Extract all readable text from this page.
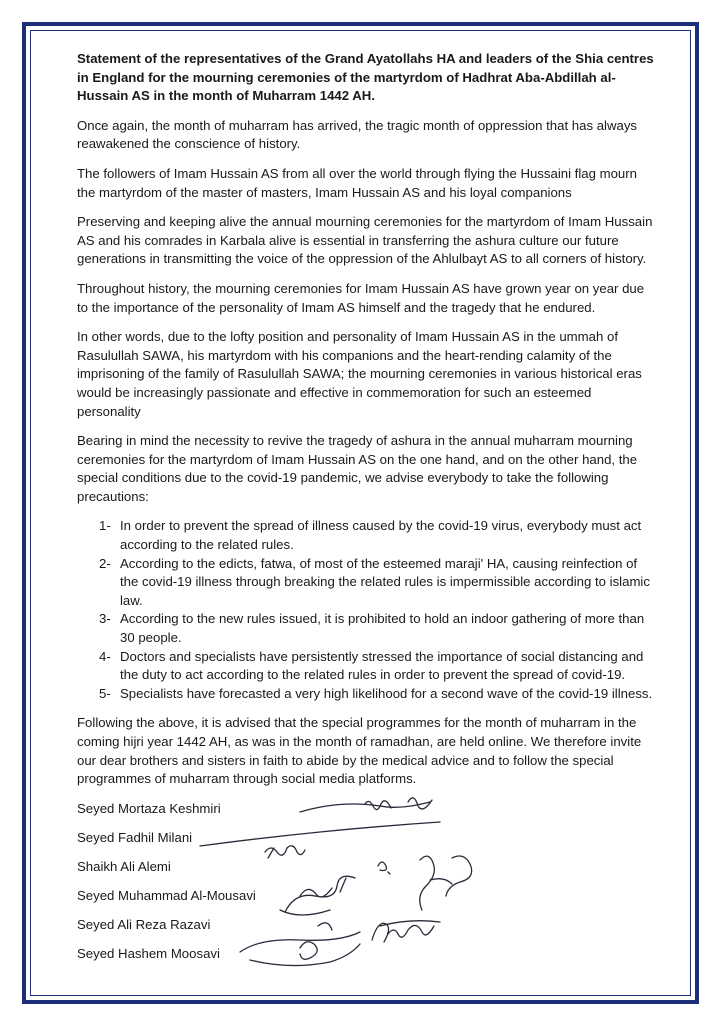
Statement of the representatives of the Grand Ayatollahs HA and leaders of the Shia centres in England for the mourning ceremonies of the martyrdom of Hadhrat Aba-Abdillah al-Hussain AS in the month of Muharram 1442 AH.

Once again, the month of muharram has arrived, the tragic month of oppression that has always reawakened the conscience of history.

The followers of Imam Hussain AS from all over the world through flying the Hussaini flag mourn the martyrdom of the master of masters, Imam Hussain AS and his loyal companions

Preserving and keeping alive the annual mourning ceremonies for the martyrdom of Imam Hussain AS and his comrades in Karbala alive is essential in transferring the ashura culture our future generations in transmitting the voice of the oppression of the Ahlulbayt AS to all corners of history.

Throughout history, the mourning ceremonies for Imam Hussain AS have grown year on year due to the importance of the personality of Imam AS himself and the tragedy that he endured.

In other words, due to the lofty position and personality of Imam Hussain AS in the ummah of Rasulullah SAWA, his martyrdom with his companions and the heart-rending calamity of the imprisoning of the family of Rasulullah SAWA; the mourning ceremonies in various historical eras would be increasingly passionate and effective in commemoration for such an esteemed personality

Bearing in mind the necessity to revive the tragedy of ashura in the annual muharram mourning ceremonies for the martyrdom of Imam Hussain AS on the one hand, and on the other hand, the special conditions due to the covid-19 pandemic, we advise everybody to take the following precautions:

1- In order to prevent the spread of illness caused by the covid-19 virus, everybody must act according to the related rules.
2- According to the edicts, fatwa, of most of the esteemed maraji' HA, causing reinfection of the covid-19 illness through breaking the related rules is impermissible according to islamic law.
3- According to the new rules issued, it is prohibited to hold an indoor gathering of more than 30 people.
4- Doctors and specialists have persistently stressed the importance of social distancing and the duty to act according to the related rules in order to prevent the spread of covid-19.
5- Specialists have forecasted a very high likelihood for a second wave of the covid-19 illness.

Following the above, it is advised that the special programmes for the month of muharram in the coming hijri year 1442 AH, as was in the month of ramadhan, are held online. We therefore invite our dear brothers and sisters in faith to abide by the medical advice and to follow the special programmes of muharram through social media platforms.

Seyed Mortaza Keshmiri
Seyed Fadhil Milani
Shaikh Ali Alemi
Seyed Muhammad Al-Mousavi
Seyed Ali Reza Razavi
Seyed Hashem Moosavi
